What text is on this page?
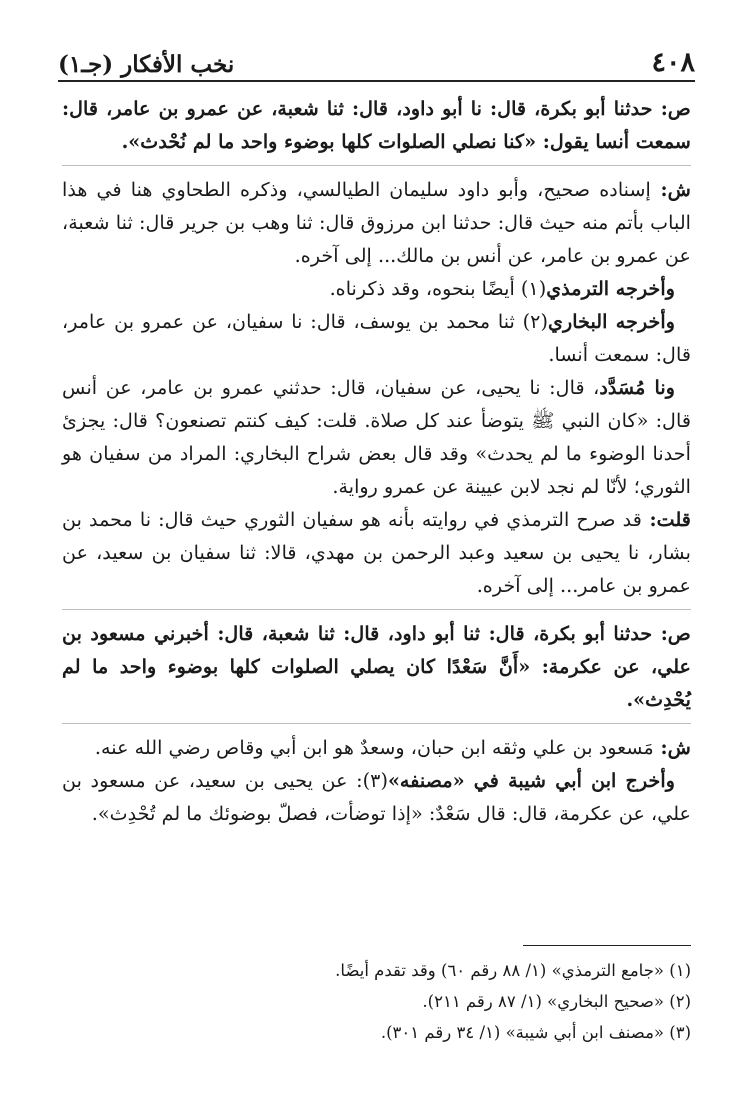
نخب الأفكار (جـ١)	٤٠٨

ص: حدثنا أبو بكرة، قال: نا أبو داود، قال: ثنا شعبة، عن عمرو بن عامر، قال: سمعت أنسا يقول: «كنا نصلي الصلوات كلها بوضوء واحد ما لم نُحْدث».

ش: إسناده صحيح، وأبو داود سليمان الطيالسي، وذكره الطحاوي هنا في هذا الباب بأتم منه حيث قال: حدثنا ابن مرزوق قال: ثنا وهب بن جرير قال: ثنا شعبة، عن عمرو بن عامر، عن أنس بن مالك... إلى آخره.

وأخرجه الترمذي(١) أيضًا بنحوه، وقد ذكرناه.

وأخرجه البخاري(٢) ثنا محمد بن يوسف، قال: نا سفيان، عن عمرو بن عامر، قال: سمعت أنسا.

ونا مُسَدَّد، قال: نا يحيى، عن سفيان، قال: حدثني عمرو بن عامر، عن أنس قال: «كان النبي ﷺ يتوضأ عند كل صلاة. قلت: كيف كنتم تصنعون؟ قال: يجزئ أحدنا الوضوء ما لم يحدث» وقد قال بعض شراح البخاري: المراد من سفيان هو الثوري؛ لأنّا لم نجد لابن عيينة عن عمرو رواية.

قلت: قد صرح الترمذي في روايته بأنه هو سفيان الثوري حيث قال: نا محمد بن بشار، نا يحيى بن سعيد وعبد الرحمن بن مهدي، قالا: ثنا سفيان بن سعيد، عن عمرو بن عامر... إلى آخره.

ص: حدثنا أبو بكرة، قال: ثنا أبو داود، قال: ثنا شعبة، قال: أخبرني مسعود بن علي، عن عكرمة: «أَنَّ سَعْدًا كان يصلي الصلوات كلها بوضوء واحد ما لم يُحْدِث».

ش: مَسعود بن علي وثقه ابن حبان، وسعدٌ هو ابن أبي وقاص رضي الله عنه.

وأخرج ابن أبي شيبة في «مصنفه»(٣): عن يحيى بن سعيد، عن مسعود بن علي، عن عكرمة، قال: قال سَعْدٌ: «إذا توضأت، فصلّ بوضوئك ما لم تُحْدِث».

(١) «جامع الترمذي» (١/ ٨٨ رقم ٦٠) وقد تقدم أيضًا.

(٢) «صحيح البخاري» (١/ ٨٧ رقم ٢١١).

(٣) «مصنف ابن أبي شيبة» (١/ ٣٤ رقم ٣٠١).
